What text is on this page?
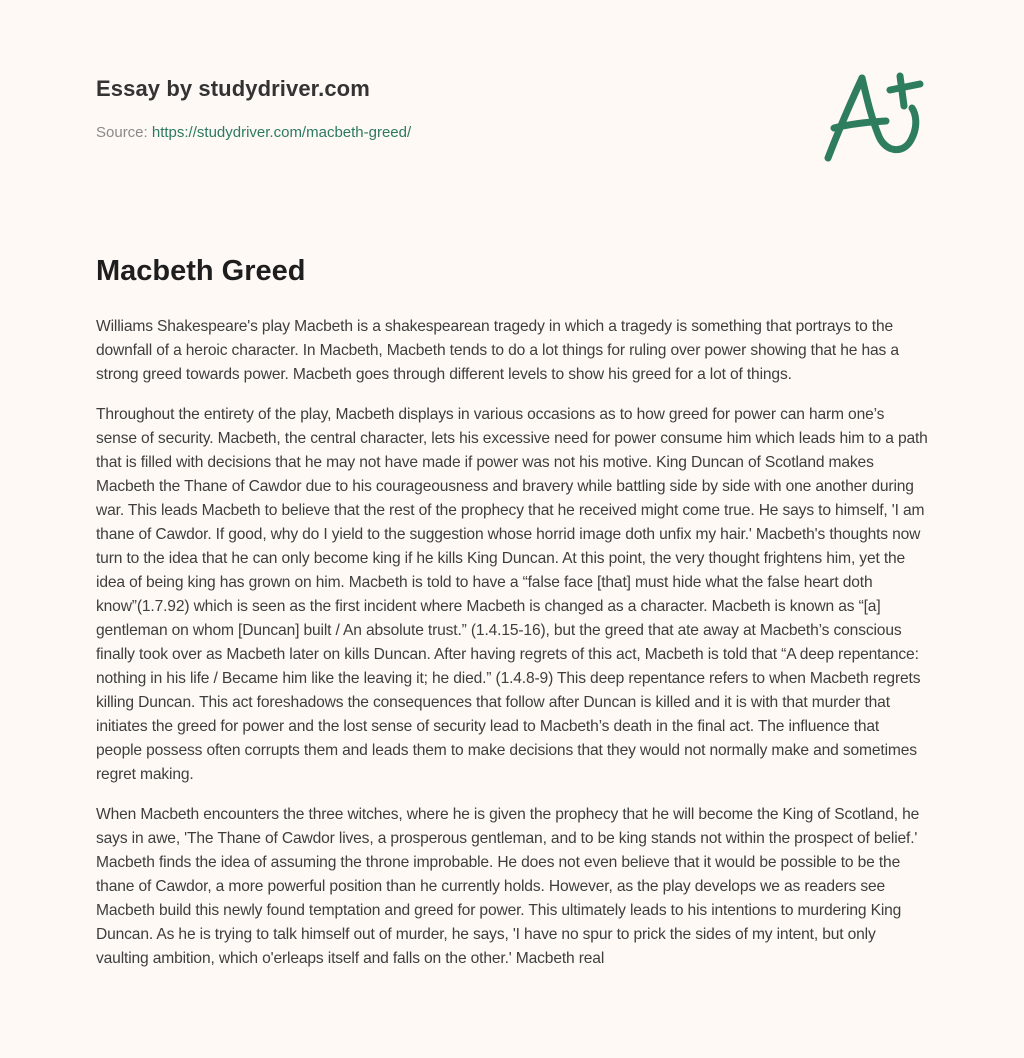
Essay by studydriver.com
Source: https://studydriver.com/macbeth-greed/
Macbeth Greed

Williams Shakespeare's play Macbeth is a shakespearean tragedy in which a tragedy is something that portrays to the downfall of a heroic character. In Macbeth, Macbeth tends to do a lot things for ruling over power showing that he has a strong greed towards power. Macbeth goes through different levels to show his greed for a lot of things.

Throughout the entirety of the play, Macbeth displays in various occasions as to how greed for power can harm one’s sense of security. Macbeth, the central character, lets his excessive need for power consume him which leads him to a path that is filled with decisions that he may not have made if power was not his motive. King Duncan of Scotland makes Macbeth the Thane of Cawdor due to his courageousness and bravery while battling side by side with one another during war. This leads Macbeth to believe that the rest of the prophecy that he received might come true. He says to himself, 'I am thane of Cawdor. If good, why do I yield to the suggestion whose horrid image doth unfix my hair.' Macbeth's thoughts now turn to the idea that he can only become king if he kills King Duncan. At this point, the very thought frightens him, yet the idea of being king has grown on him. Macbeth is told to have a “false face [that] must hide what the false heart doth know”(1.7.92) which is seen as the first incident where Macbeth is changed as a character. Macbeth is known as “[a] gentleman on whom [Duncan] built / An absolute trust.” (1.4.15-16), but the greed that ate away at Macbeth’s conscious finally took over as Macbeth later on kills Duncan. After having regrets of this act, Macbeth is told that “A deep repentance: nothing in his life / Became him like the leaving it; he died.” (1.4.8-9) This deep repentance refers to when Macbeth regrets killing Duncan. This act foreshadows the consequences that follow after Duncan is killed and it is with that murder that initiates the greed for power and the lost sense of security lead to Macbeth’s death in the final act. The influence that people possess often corrupts them and leads them to make decisions that they would not normally make and sometimes regret making.

When Macbeth encounters the three witches, where he is given the prophecy that he will become the King of Scotland, he says in awe, 'The Thane of Cawdor lives, a prosperous gentleman, and to be king stands not within the prospect of belief.' Macbeth finds the idea of assuming the throne improbable. He does not even believe that it would be possible to be the thane of Cawdor, a more powerful position than he currently holds. However, as the play develops we as readers see Macbeth build this newly found temptation and greed for power. This ultimately leads to his intentions to murdering King Duncan. As he is trying to talk himself out of murder, he says, 'I have no spur to prick the sides of my intent, but only vaulting ambition, which o'erleaps itself and falls on the other.' Macbeth real
